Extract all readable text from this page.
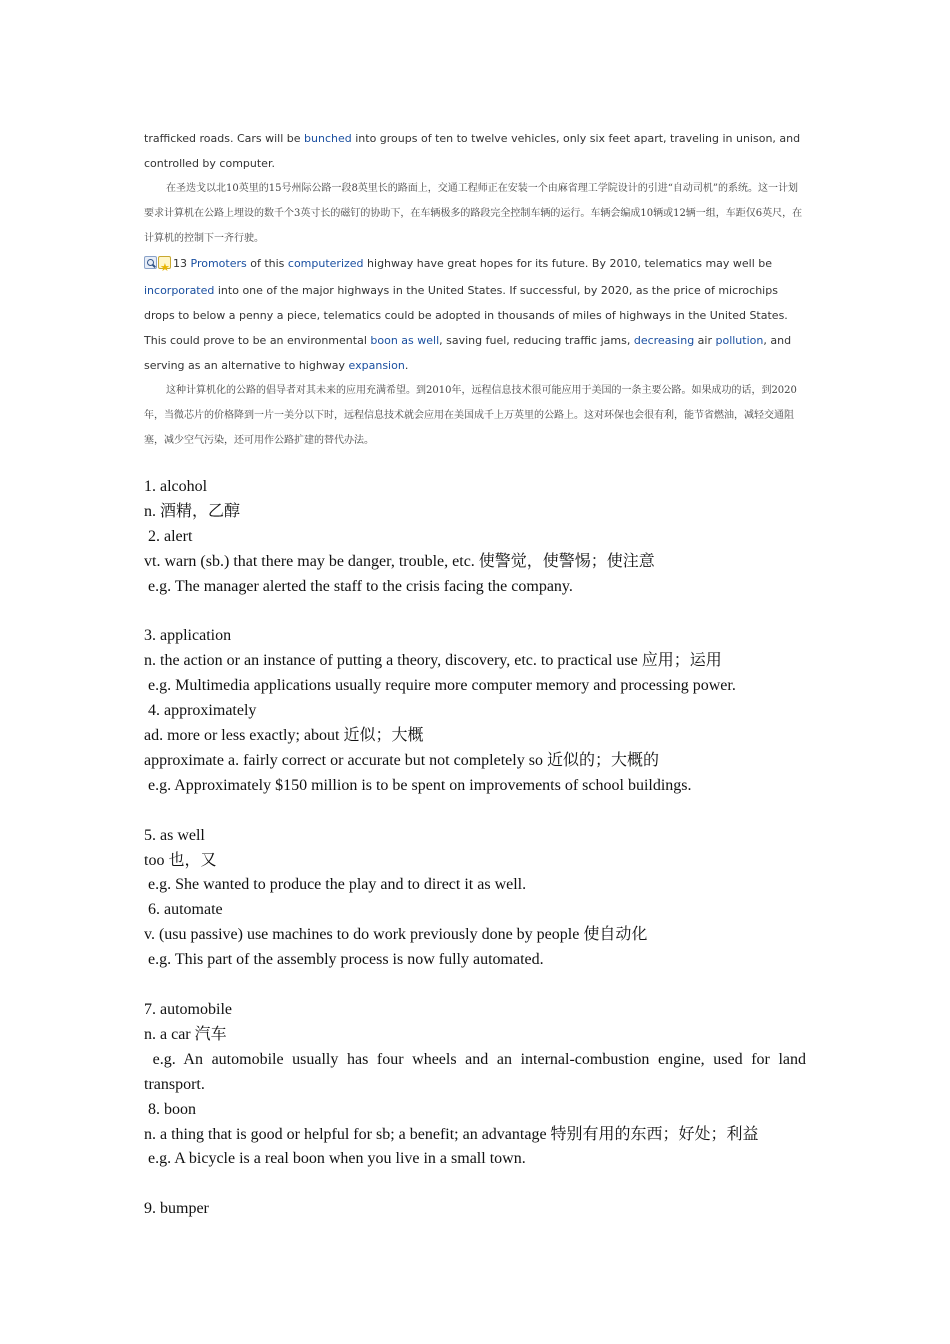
trafficked roads. Cars will be bunched into groups of ten to twelve vehicles, only six feet apart, traveling in unison, and controlled by computer.

在圣迭戈以北10英里的15号州际公路一段8英里长的路面上，交通工程师正在安装一个由麻省理工学院设计的引进“自动司机”的系统。这一计划要求计算机在公路上埋设的数千个3英寸长的磁钉的协助下，在车辆极多的路段完全控制车辆的运行。车辆会编成10辆或12辆一组，车距仅6英尺，在计算机的控制下一齐行驶。

★13 Promoters of this computerized highway have great hopes for its future. By 2010, telematics may well be incorporated into one of the major highways in the United States. If successful, by 2020, as the price of microchips drops to below a penny a piece, telematics could be adopted in thousands of miles of highways in the United States. This could prove to be an environmental boon as well, saving fuel, reducing traffic jams, decreasing air pollution, and serving as an alternative to highway expansion.

这种计算机化的公路的倡导者对其未来的应用充满希望。到2010年，远程信息技术很可能应用于美国的一条主要公路。如果成功的话，到2020年，当微芯片的价格降到一片一美分以下时，远程信息技术就会应用在美国成千上万英里的公路上。这对环保也会很有利，能节省燃油，减轻交通阻塞，减少空气污染，还可用作公路扩建的替代办法。

1. alcohol

n. 酒精，乙醇

2. alert

vt. warn (sb.) that there may be danger, trouble, etc. 使警觉，使警惕；使注意

e.g. The manager alerted the staff to the crisis facing the company.

3. application

n. the action or an instance of putting a theory, discovery, etc. to practical use 应用；运用

e.g. Multimedia applications usually require more computer memory and processing power.

4. approximately

ad. more or less exactly; about 近似；大概

approximate a. fairly correct or accurate but not completely so 近似的；大概的

e.g. Approximately $150 million is to be spent on improvements of school buildings.

5. as well

too 也，又

e.g. She wanted to produce the play and to direct it as well.

6. automate

v. (usu passive) use machines to do work previously done by people 使自动化

e.g. This part of the assembly process is now fully automated.

7. automobile

n. a car 汽车

e.g. An automobile usually has four wheels and an internal-combustion engine, used for land transport.

8. boon

n. a thing that is good or helpful for sb; a benefit; an advantage 特别有用的东西；好处；利益

e.g. A bicycle is a real boon when you live in a small town.

9. bumper
